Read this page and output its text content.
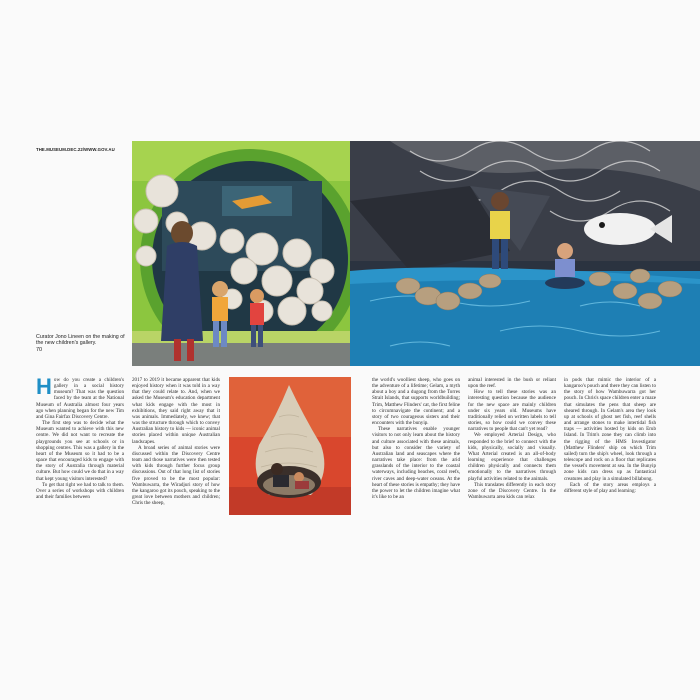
THE.MUSEUM.DEC.22/WWW.GOV.AU
Curator Jono Lineen on the making of the new children's gallery.
70

How do you create a children's gallery in a social history museum? That was the question faced by the team at the National Museum of Australia almost four years ago when planning began for the new Tim and Gina Fairfax Discovery Centre.

The first step was to decide what the Museum wanted to achieve with this new centre. We did not want to recreate the playgrounds you see at schools or in shopping centres. This was a gallery in the heart of the Museum so it had to be a space that encouraged kids to engage with the story of Australia through material culture. But how could we do that in a way that kept young visitors interested?

To get that right we had to talk to them. Over a series of workshops with children and their families between

2017 to 2019 it became apparent that kids enjoyed history when it was told in a way that they could relate to. And, when we asked the Museum's education department what kids engage with the most in exhibitions, they said right away that it was animals. Immediately, we knew; that was the structure through which to convey Australian history to kids — iconic animal stories placed within unique Australian landscapes.

A broad series of animal stories were discussed within the Discovery Centre team and those narratives were then tested with kids through further focus group discussions. Out of that long list of stories five proved to be the most popular: Wambuwarra, the Wiradjuri story of how the kangaroo got its pouch, speaking to the great love between mothers and children; Chris the sheep,

the world's woolliest sheep, who goes on the adventure of a lifetime; Gelam, a myth about a boy and a dugong from the Torres Strait Islands, that supports worldbuilding; Trim, Matthew Flinders' cat, the first feline to circumnavigate the continent; and a story of two courageous sisters and their encounters with the bunyip.

These narratives enable younger visitors to not only learn about the history and culture associated with these animals, but also to consider the variety of Australian land and seascapes where the narratives take place: from the arid grasslands of the interior to the coastal waterways, including beaches, coral reefs, river caves and deep-water oceans. At the heart of these stories is empathy; they have the power to let the children imagine what it's like to be an

animal interested in the bush or reliant upon the reef.

How to tell these stories was an interesting question because the audience for the new space are mainly children under six years old. Museums have traditionally relied on written labels to tell stories, so how could we convey these narratives to people that can't yet read?

We employed Arterial Design, who responded to the brief to connect with the kids, physically, socially and visually. What Arterial created is an all-of-body learning experience that challenges children physically and connects them emotionally to the narratives through playful activities related to the animals.

This translates differently in each story zone of the Discovery Centre. In the Wambuwarra area kids can relax

in pods that mimic the interior of a kangaroo's pouch and there they can listen to the story of how Wambuwarra got her pouch. In Chris's space children enter a maze that simulates the pens that sheep are sheared through. In Gelam's area they look up at schools of ghost net fish, reef shells and arrange stones to make intertidal fish traps — activities hosted by kids on Erub Island. In Trim's zone they can climb into the rigging of the HMS Investigator (Matthew Flinders' ship on which Trim sailed) turn the ship's wheel, look through a telescope and rock on a floor that replicates the vessel's movement at sea. In the Bunyip zone kids can dress up as fantastical creatures and play in a simulated billabong.

Each of the story areas employs a different style of play and learning:
